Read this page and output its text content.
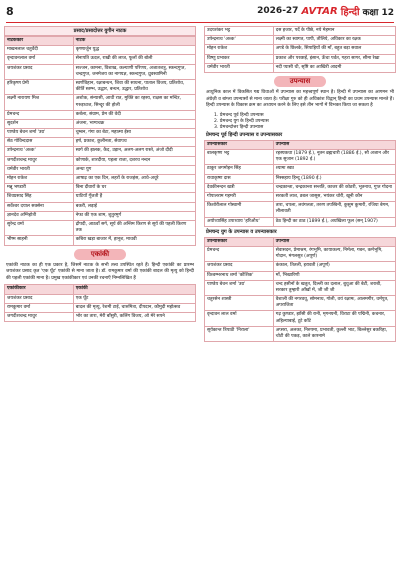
8	2026-27 AVTAR हिन्दी कक्षा 12
प्रसाद/प्रसादोत्तर युगीन नाटक
नाटककार	नाटक
माखनलाल चतुर्वेदी	कृष्णार्जुन युद्ध
वृन्दावनलाल वर्मा	सेनापति ऊदल, राखी की लाज, फूलों की बोली
जयशंकर प्रसाद	सज्जन, कामना, विशाख, कल्याणी परिणय, अजातशत्रु, स्कन्दगुप्त, चन्द्रगुप्त, जनमेजय का नागयज्ञ, स्कन्दगुप्त, ध्रुवस्वामिनी
हरिकृष्ण प्रेमी	स्वर्णविहान, रक्षाबन्धन, शिवा की साधना, पाताल विजय, प्रतिशोध, कीर्ति स्तम्भ, उद्धार, बन्धन, उद्धार, प्रतिशोध
लक्ष्मी नारायण मिश्र	अशोक, संन्यासी, आधी रात, मुक्ति का रहस्य, राक्षस का मन्दिर, गरुड़ध्वज, सिन्दूर की होली
प्रेमचन्द	कर्बला, संग्राम, प्रेम की वेदी
सुदर्शन	अंजना, भाग्यचक्र
पाण्डेय बेचन शर्मा 'उग्र'	चुम्बन, गंगा का बेटा, महात्मा ईसा
सेठ गोविन्ददास	हर्ष, प्रकाश, कुलीनता, सेवापथ
उपेन्द्रनाथ 'अश्क'	स्वर्ग की झलक, कैद, उड़ान, अलग-अलग रास्ते, अंजो दीदी
जगदीशचन्द्र माथुर	कोणार्क, शारदीया, पहला राजा, दशरथ नन्दन
धर्मवीर भारती	अन्धा युग
मोहन राकेश	आषाढ़ का एक दिन, लहरों के राजहंस, आधे-अधूरे
मन्नू भण्डारी	बिना दीवारों के घर
शिवप्रसाद सिंह	घाटियाँ गूँजती हैं
सर्वेश्वर दयाल सक्सेना	बकरी, लड़ाई
ज्ञानदेव अग्निहोत्री	नेफा की एक शाम, शुतुरमुर्ग
सुरेन्द्र वर्मा	द्रौपदी, आठवाँ सर्ग, सूर्य की अन्तिम किरण से सूर्य की पहली किरण तक
भीष्म साहनी	कबिरा खड़ा बाजार में, हानूश, माधवी
एकांकी

एकांकी नाटक का ही एक प्रकार है, जिसमें नाटक के सभी तत्त्व उपस्थित रहते हैं। हिन्दी एकांकी का प्रारम्भ जयशंकर प्रसाद कृत 'एक घूँट' एकांकी से माना जाता है। डॉ. रामकुमार वर्मा की एकांकी बादल की मृत्यु को हिन्दी की पहली एकांकी माना है। प्रमुख एकांकीकार एवं उनकी रचनाएँ निम्नलिखित हैं

एकांकीकार	एकांकी
जयशंकर प्रसाद	एक घूँट
रामकुमार वर्मा	बादल की मृत्यु, रेशमी टाई, चारुमित्रा, दीपदान, कौमुदी महोत्सव
जगदीशचन्द्र माथुर	भोर का तारा, मेरी बाँसुरी, कलिंग विजय, ओ मेरे सपने
उदयशंकर भट्ट	दस हजार, पर्दे के पीछे, नये मेहमान
उपेन्द्रनाथ 'अश्क'	लक्ष्मी का स्वागत, पापी, तौलिये, अधिकार का रक्षक
मोहन राकेश	अण्डे के छिलके, सिपाहियों की माँ, बहुत बड़ा सवाल
विष्णु प्रभाकर	प्रकाश और परछाईं, इंसान, ऊँचा पर्वत, गहरा सागर, सीमा रेखा
धर्मवीर भारती	नदी प्यासी थी, सृष्टि का आखिरी आदमी
उपन्यास

आधुनिक काल में विकसित गद्य विधाओं में उपन्यास का महत्त्वपूर्ण स्थान है। हिन्दी में उपन्यास का आगमन भी अंग्रेज़ी व बांग्ला उपन्यासों से माना जाता है। परीक्षा गुरु को ही अधिकांश विद्वान् हिन्दी का प्रथम उपन्यास मानते हैं। हिन्दी उपन्यास के विकास क्रम का अध्ययन करने के लिए इसे तीन भागों में विभक्त किया जा सकता है

1. प्रेमचन्द पूर्व हिन्दी उपन्यास
2. प्रेमचन्द युग के हिन्दी उपन्यास
3. प्रेमचन्दोत्तर हिन्दी उपन्यास
प्रेमचन्द पूर्व हिन्दी उपन्यास व उपन्यासकार
उपन्यासकार	उपन्यास
बालकृष्ण भट्ट	रहस्यकथा (1879 ई.), नूतन ब्रह्मचारी (1886 ई.), सौ अजान और एक सुजान (1892 ई.)
ठाकुर जगमोहन सिंह	श्यामा स्वप्न
राधाकृष्ण दास	निस्सहाय हिन्दू (1890 ई.)
देवकीनन्दन खत्री	चन्द्रकान्ता, चन्द्रकान्ता सन्तति, काजर की कोठरी, भूतनाथ, गुप्त गोदना
गोपालराम गहमरी	सरकती लाश, डबल जासूस, भयंकर चोरी, खूनी कौन
किशोरीलाल गोस्वामी	तारा, चपला, लवंगलता, तरुण तपस्विनी, कुसुम कुमारी, रजिया बेगम, लीलावती
अयोध्यासिंह उपाध्याय 'हरिऔध'	ठेठ हिन्दी का ठाठ (1899 ई.), अधखिला फूल (सन् 1907)
प्रेमचन्द युग के उपन्यास व उपन्यासकार
उपन्यासकार	उपन्यास
प्रेमचन्द	सेवासदन, प्रेमाश्रम, रंगभूमि, कायाकल्प, निर्मला, गबन, कर्मभूमि, गोदान, मंगलसूत्र (अपूर्ण)
जयशंकर प्रसाद	कंकाल, तितली, इरावती (अपूर्ण)
विश्वम्भरनाथ शर्मा 'कौशिक'	माँ, भिखारिणी
पाण्डेय बेचन शर्मा 'उग्र'	चन्द हसीनों के खतूत, दिल्ली का दलाल, बुधुआ की बेटी, शराबी, सरकार तुम्हारी आँखों में, जी जी जी
चतुरसेन शास्त्री	वैशाली की नगरवधू, सोमनाथ, गोली, वयं रक्षामः, आलमगीर, धर्मपुत्र, अपराजिता
वृन्दावन लाल वर्मा	गढ़ कुण्डार, झाँसी की रानी, मृगनयनी, विराटा की पद्मिनी, कचनार, अहिल्याबाई, टूटे काँटे
सूर्यकान्त त्रिपाठी 'निराला'	अप्सरा, अलका, निरुपमा, प्रभावती, कुल्ली भाट, बिल्लेसुर बकरिहा, चोटी की पकड़, काले कारनामे
